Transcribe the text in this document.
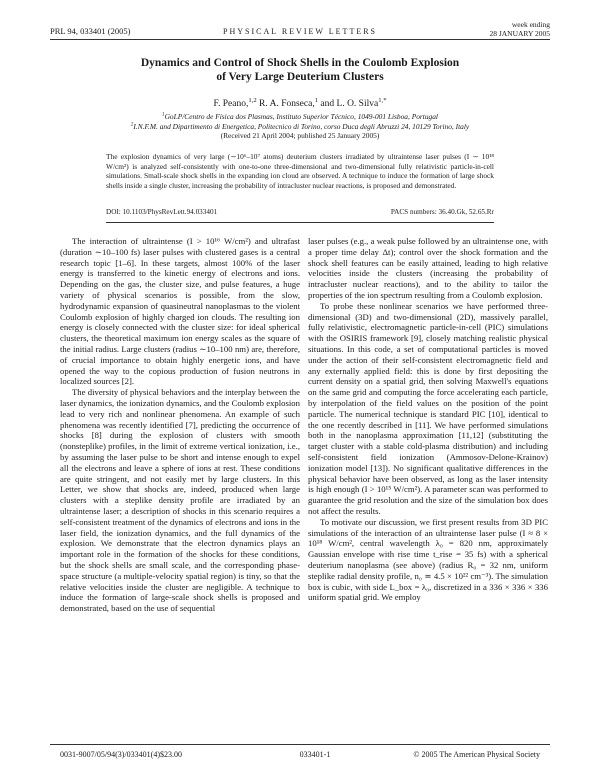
PRL 94, 033401 (2005)	PHYSICAL REVIEW LETTERS
week ending
28 JANUARY 2005
Dynamics and Control of Shock Shells in the Coulomb Explosion
of Very Large Deuterium Clusters
F. Peano,$^{1,2}$ R. A. Fonseca,$^1$ and L. O. Silva$^{1,*}$
$^1$GoLP/Centro de Física dos Plasmas, Instituto Superior Técnico, 1049-001 Lisboa, Portugal
$^2$I.N.F.M. and Dipartimento di Energetica, Politecnico di Torino, corso Duca degli Abruzzi 24, 10129 Torino, Italy
(Received 21 April 2004; published 25 January 2005)
The explosion dynamics of very large (∼10⁶–10⁷ atoms) deuterium clusters irradiated by ultraintense laser pulses (I ∼ 10¹⁸ W/cm²) is analyzed self-consistently with one-to-one three-dimensional and two-dimensional fully relativistic particle-in-cell simulations. Small-scale shock shells in the expanding ion cloud are observed. A technique to induce the formation of large shock shells inside a single cluster, increasing the probability of intracluster nuclear reactions, is proposed and demonstrated.
DOI: 10.1103/PhysRevLett.94.033401	PACS numbers: 36.40.Gk, 52.65.Rr

The interaction of ultraintense (I > 10¹⁶ W/cm²) and ultrafast (duration ∼10–100 fs) laser pulses with clustered gases is a central research topic [1–6]. In these targets, almost 100% of the laser energy is transferred to the kinetic energy of electrons and ions. Depending on the gas, the cluster size, and pulse features, a huge variety of physical scenarios is possible, from the slow, hydrodynamic expansion of quasineutral nanoplasmas to the violent Coulomb explosion of highly charged ion clouds. The resulting ion energy is closely connected with the cluster size: for ideal spherical clusters, the theoretical maximum ion energy scales as the square of the initial radius. Large clusters (radius ∼10–100 nm) are, therefore, of crucial importance to obtain highly energetic ions, and have opened the way to the copious production of fusion neutrons in localized sources [2].

The diversity of physical behaviors and the interplay between the laser dynamics, the ionization dynamics, and the Coulomb explosion lead to very rich and nonlinear phenomena. An example of such phenomena was recently identified [7], predicting the occurrence of shocks [8] during the explosion of clusters with smooth (nonsteplike) profiles, in the limit of extreme vertical ionization, i.e., by assuming the laser pulse to be short and intense enough to expel all the electrons and leave a sphere of ions at rest. These conditions are quite stringent, and not easily met by large clusters. In this Letter, we show that shocks are, indeed, produced when large clusters with a steplike density profile are irradiated by an ultraintense laser; a description of shocks in this scenario requires a self-consistent treatment of the dynamics of electrons and ions in the laser field, the ionization dynamics, and the full dynamics of the explosion. We demonstrate that the electron dynamics plays an important role in the formation of the shocks for these conditions, but the shock shells are small scale, and the corresponding phase-space structure (a multiple-velocity spatial region) is tiny, so that the relative velocities inside the cluster are negligible. A technique to induce the formation of large-scale shock shells is proposed and demonstrated, based on the use of sequential

laser pulses (e.g., a weak pulse followed by an ultraintense one, with a proper time delay Δt); control over the shock formation and the shock shell features can be easily attained, leading to high relative velocities inside the clusters (increasing the probability of intracluster nuclear reactions), and to the ability to tailor the properties of the ion spectrum resulting from a Coulomb explosion.

To probe these nonlinear scenarios we have performed three-dimensional (3D) and two-dimensional (2D), massively parallel, fully relativistic, electromagnetic particle-in-cell (PIC) simulations with the OSIRIS framework [9], closely matching realistic physical situations. In this code, a set of computational particles is moved under the action of their self-consistent electromagnetic field and any externally applied field: this is done by first depositing the current density on a spatial grid, then solving Maxwell's equations on the same grid and computing the force accelerating each particle, by interpolation of the field values on the position of the point particle. The numerical technique is standard PIC [10], identical to the one recently described in [11]. We have performed simulations both in the nanoplasma approximation [11,12] (substituting the target cluster with a stable cold-plasma distribution) and including self-consistent field ionization (Ammosov-Delone-Krainov) ionization model [13]). No significant qualitative differences in the physical behavior have been observed, as long as the laser intensity is high enough (I > 10¹⁵ W/cm²). A parameter scan was performed to guarantee the grid resolution and the size of the simulation box does not affect the results.

To motivate our discussion, we first present results from 3D PIC simulations of the interaction of an ultraintense laser pulse (I ≈ 8 × 10¹⁸ W/cm², central wavelength λ₀ = 820 nm, approximately Gaussian envelope with rise time t_rise = 35 fs) with a spherical deuterium nanoplasma (see above) (radius R₀ = 32 nm, uniform steplike radial density profile, n₀ ≃ 4.5 × 10²² cm⁻³). The simulation box is cubic, with side L_box = λ₀, discretized in a 336 × 336 × 336 uniform spatial grid. We employ

0031-9007/05/94(3)/033401(4)$23.00	033401-1	© 2005 The American Physical Society
